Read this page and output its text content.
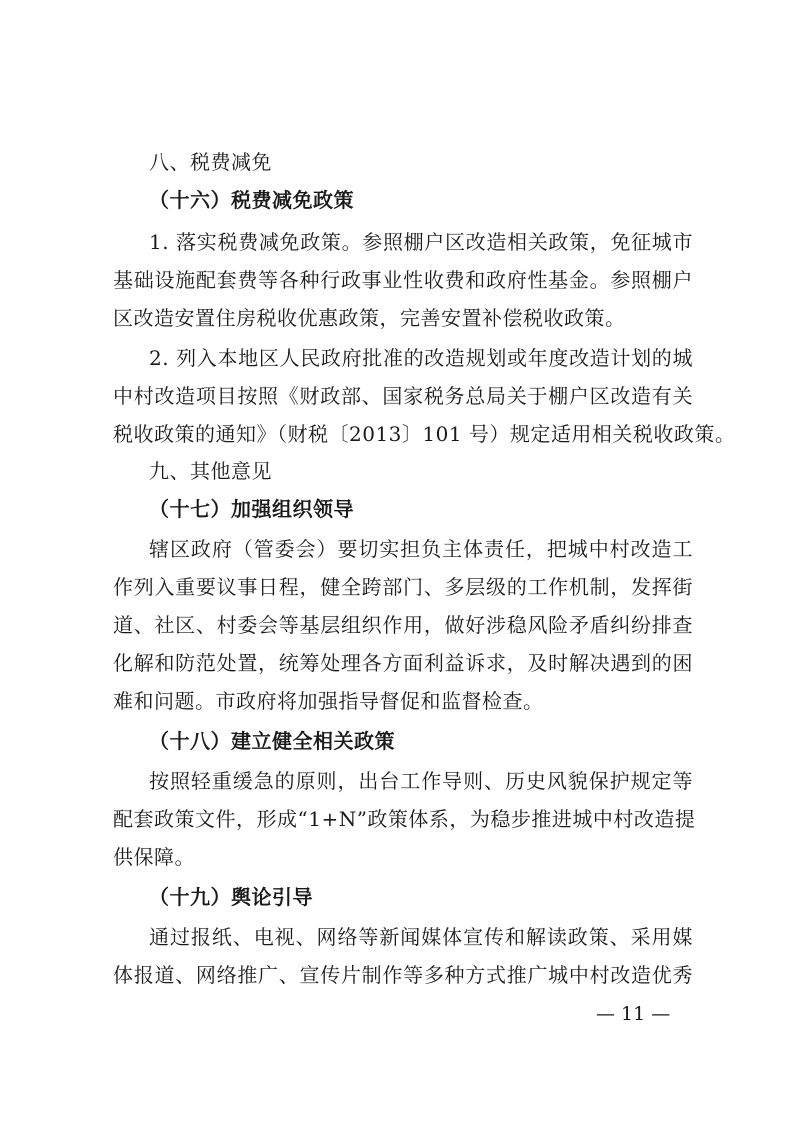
八、税费减免
（十六）税费减免政策
1. 落实税费减免政策。参照棚户区改造相关政策，免征城市
基础设施配套费等各种行政事业性收费和政府性基金。参照棚户
区改造安置住房税收优惠政策，完善安置补偿税收政策。
2. 列入本地区人民政府批准的改造规划或年度改造计划的城
中村改造项目按照《财政部、国家税务总局关于棚户区改造有关
税收政策的通知》（财税〔2013〕101 号）规定适用相关税收政策。
九、其他意见
（十七）加强组织领导
辖区政府（管委会）要切实担负主体责任，把城中村改造工
作列入重要议事日程，健全跨部门、多层级的工作机制，发挥街
道、社区、村委会等基层组织作用，做好涉稳风险矛盾纠纷排查
化解和防范处置，统筹处理各方面利益诉求，及时解决遇到的困
难和问题。市政府将加强指导督促和监督检查。
（十八）建立健全相关政策
按照轻重缓急的原则，出台工作导则、历史风貌保护规定等
配套政策文件，形成“1+N”政策体系，为稳步推进城中村改造提
供保障。
（十九）舆论引导
通过报纸、电视、网络等新闻媒体宣传和解读政策、采用媒
体报道、网络推广、宣传片制作等多种方式推广城中村改造优秀
— 11 —
